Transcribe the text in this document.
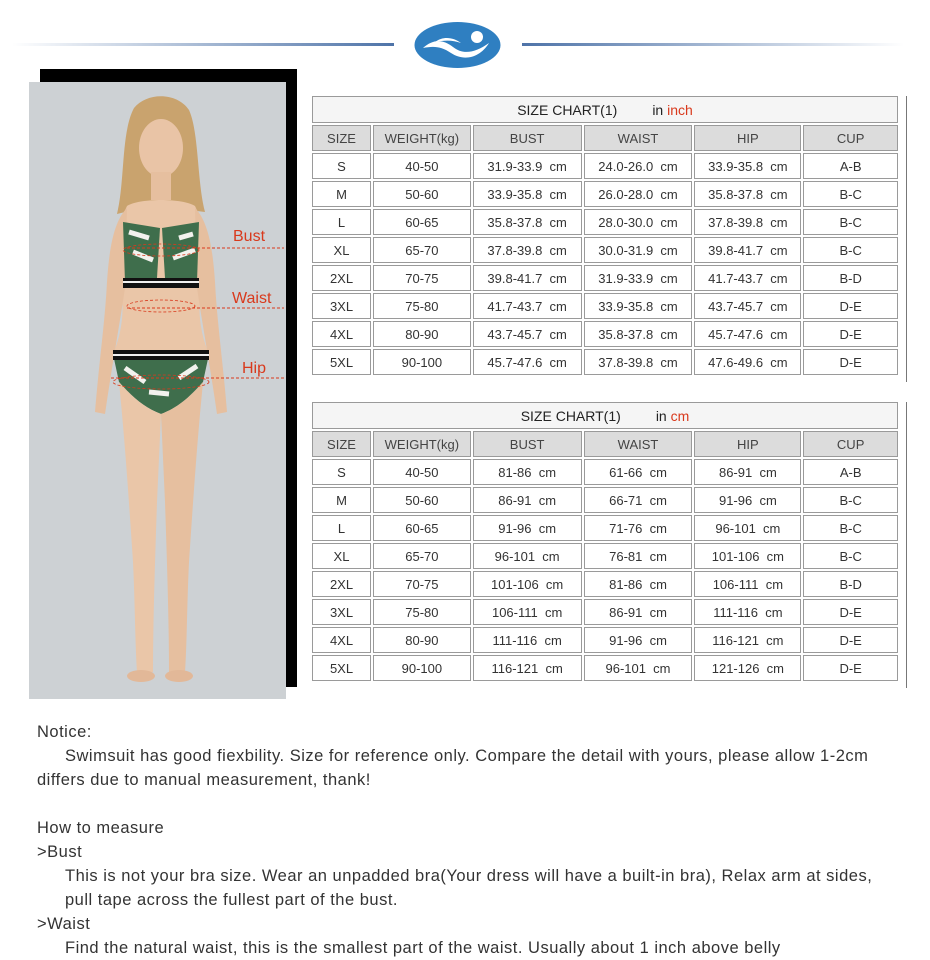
Bust
Waist
Hip
SIZE CHART(1) in inch					
SIZE	WEIGHT(kg)	BUST	WAIST	HIP	CUP
S	40-50	31.9-33.9  cm	24.0-26.0  cm	33.9-35.8  cm	A-B
M	50-60	33.9-35.8  cm	26.0-28.0  cm	35.8-37.8  cm	B-C
L	60-65	35.8-37.8  cm	28.0-30.0  cm	37.8-39.8  cm	B-C
XL	65-70	37.8-39.8  cm	30.0-31.9  cm	39.8-41.7  cm	B-C
2XL	70-75	39.8-41.7  cm	31.9-33.9  cm	41.7-43.7  cm	B-D
3XL	75-80	41.7-43.7  cm	33.9-35.8  cm	43.7-45.7  cm	D-E
4XL	80-90	43.7-45.7  cm	35.8-37.8  cm	45.7-47.6  cm	D-E
5XL	90-100	45.7-47.6  cm	37.8-39.8  cm	47.6-49.6  cm	D-E
SIZE CHART(1) in cm					
SIZE	WEIGHT(kg)	BUST	WAIST	HIP	CUP
S	40-50	81-86  cm	61-66  cm	86-91  cm	A-B
M	50-60	86-91  cm	66-71  cm	91-96  cm	B-C
L	60-65	91-96  cm	71-76  cm	96-101  cm	B-C
XL	65-70	96-101  cm	76-81  cm	101-106  cm	B-C
2XL	70-75	101-106  cm	81-86  cm	106-111  cm	B-D
3XL	75-80	106-111  cm	86-91  cm	111-116  cm	D-E
4XL	80-90	111-116  cm	91-96  cm	116-121  cm	D-E
5XL	90-100	116-121  cm	96-101  cm	121-126  cm	D-E

Notice:

Swimsuit has good fiexbility. Size for reference only. Compare the detail with yours, please allow 1-2cm differs due to manual measurement, thank!

How to measure

>Bust

This is not your bra size. Wear an unpadded bra(Your dress will have a built-in bra), Relax arm at sides, pull tape across the fullest part of the bust.

>Waist

Find the natural waist, this is the smallest part of the waist. Usually about 1 inch above belly
